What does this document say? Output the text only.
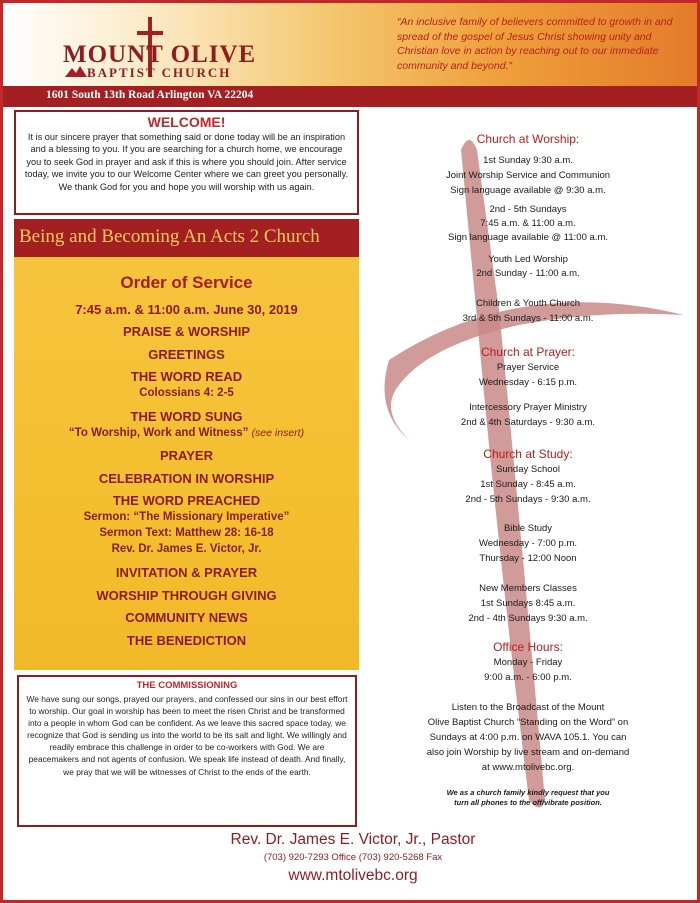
MOUNT OLIVE
BAPTIST CHURCH
“An inclusive family of believers committed to growth in and spread of the gospel of Jesus Christ showing unity and Christian love in action by reaching out to our immediate community and beyond.”
1601 South 13th Road Arlington VA 22204
WELCOME!
It is our sincere prayer that something said or done today will be an inspiration and a blessing to you. If you are searching for a church home, we encourage you to seek God in prayer and ask if this is where you should join. After service today, we invite you to our Welcome Center where we can greet you personally. We thank God for you and hope you will worship with us again.
Being and Becoming An Acts 2 Church
Order of Service
7:45 a.m. & 11:00 a.m. June 30, 2019
PRAISE & WORSHIP
GREETINGS
THE WORD READ
Colossians 4: 2-5
THE WORD SUNG
“To Worship, Work and Witness” (see insert)
PRAYER
CELEBRATION IN WORSHIP
THE WORD PREACHED
Sermon: “The Missionary Imperative”
Sermon Text: Matthew 28: 16-18
Rev. Dr. James E. Victor, Jr.
INVITATION & PRAYER
WORSHIP THROUGH GIVING
COMMUNITY NEWS
THE BENEDICTION
THE COMMISSIONING
We have sung our songs, prayed our prayers, and confessed our sins in our best effort to worship. Our goal in worship has been to meet the risen Christ and be transformed into a people in whom God can be confident. As we leave this sacred space today, we recognize that God is sending us into the world to be its salt and light. We willingly and readily embrace this challenge in order to be co-workers with God. We are peacemakers and not agents of confusion. We speak life instead of death. And finally, we pray that we will be witnesses of Christ to the ends of the earth.
Church at Worship:
1st Sunday 9:30 a.m.
Joint Worship Service and Communion
Sign language available @ 9:30 a.m.
2nd - 5th Sundays
7:45 a.m. & 11:00 a.m.
Sign language available @ 11:00 a.m.
Youth Led Worship
2nd Sunday - 11:00 a.m.
Children & Youth Church
3rd & 5th Sundays - 11:00 a.m.
Church at Prayer:
Prayer Service
Wednesday - 6:15 p.m.
Intercessory Prayer Ministry
2nd & 4th Saturdays - 9:30 a.m.
Church at Study:
Sunday School
1st Sunday - 8:45 a.m.
2nd - 5th Sundays - 9:30 a.m.
Bible Study
Wednesday - 7:00 p.m.
Thursday - 12:00 Noon
New Members Classes
1st Sundays 8:45 a.m.
2nd - 4th Sundays 9:30 a.m.
Office Hours:
Monday - Friday
9:00 a.m. - 6:00 p.m.
Listen to the Broadcast of the Mount
Olive Baptist Church “Standing on the Word” on
Sundays at 4:00 p.m. on WAVA 105.1. You can
also join Worship by live stream and on-demand
at www.mtolivebc.org.
We as a church family kindly request that you
turn all phones to the off/vibrate position.
Rev. Dr. James E. Victor, Jr., Pastor
(703) 920-7293 Office (703) 920-5268 Fax
www.mtolivebc.org
